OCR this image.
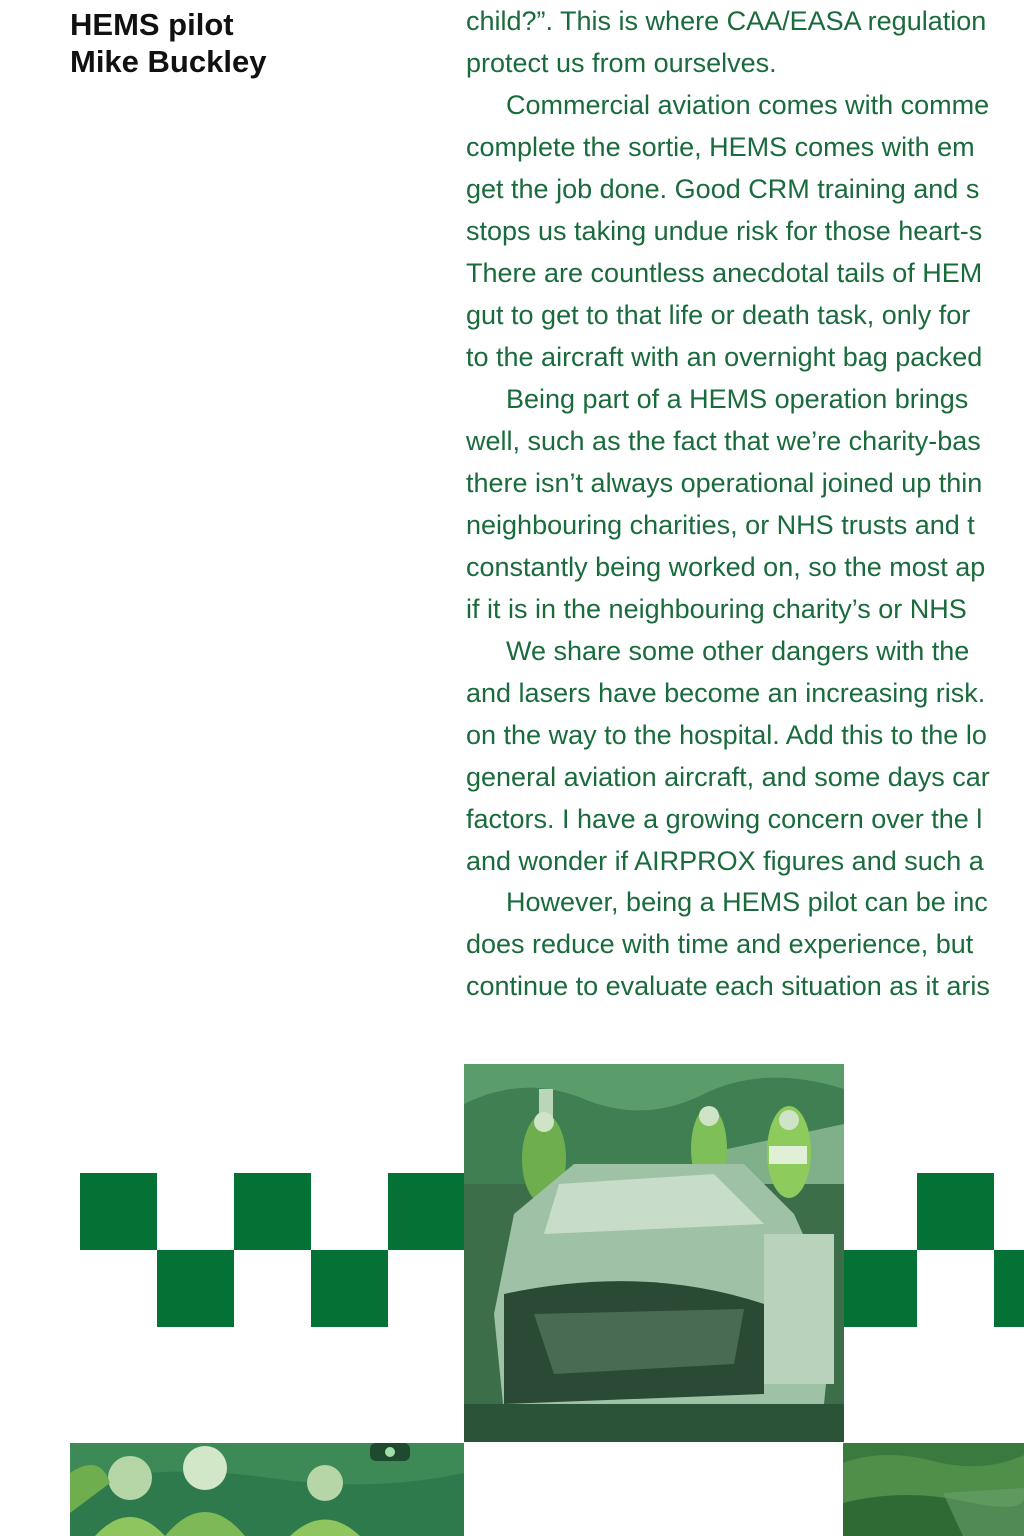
HEMS pilot
Mike Buckley
child?”. This is where CAA/EASA regulation
protect us from ourselves.
Commercial aviation comes with comme
complete the sortie, HEMS comes with em
get the job done. Good CRM training and s
stops us taking undue risk for those heart-s
There are countless anecdotal tails of HEM
gut to get to that life or death task, only for
to the aircraft with an overnight bag packed
Being part of a HEMS operation brings
well, such as the fact that we’re charity-bas
there isn’t always operational joined up thin
neighbouring charities, or NHS trusts and t
constantly being worked on, so the most ap
if it is in the neighbouring charity’s or NHS
We share some other dangers with the
and lasers have become an increasing risk.
on the way to the hospital. Add this to the lo
general aviation aircraft, and some days car
factors. I have a growing concern over the l
and wonder if AIRPROX figures and such a
However, being a HEMS pilot can be inc
does reduce with time and experience, but
continue to evaluate each situation as it aris
